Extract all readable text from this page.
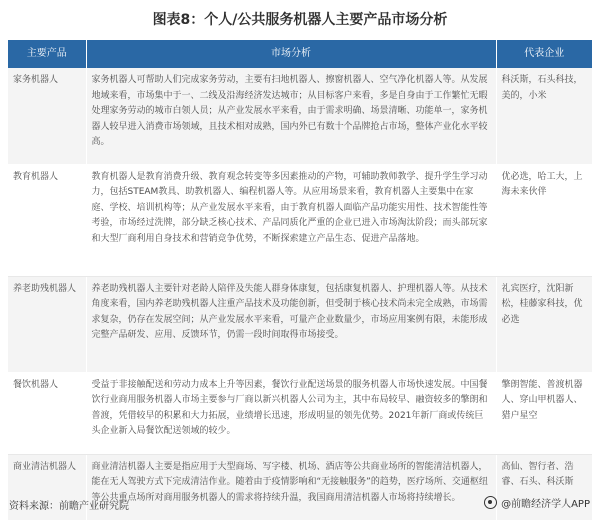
图表8：个人/公共服务机器人主要产品市场分析
主要产品	市场分析	代表企业
家务机器人	家务机器人可帮助人们完成家务劳动，主要有扫地机器人、擦窗机器人、空气净化机器人等。从发展地域来看，市场集中于一、二线及沿海经济发达城市；从目标客户来看，多是自身由于工作繁忙无暇处理家务劳动的城市白领人员；从产业发展水平来看，由于需求明确、场景清晰、功能单一，家务机器人较早进入消费市场领域，且技术相对成熟，国内外已有数十个品牌抢占市场，整体产业化水平较高。	科沃斯，石头科技，美的，小米
教育机器人	教育机器人是教育消费升级、教育观念转变等多因素推动的产物，可辅助教师教学、提升学生学习动力，包括STEAM教具、助教机器人、编程机器人等。从应用场景来看，教育机器人主要集中在家庭、学校、培训机构等；从产业发展水平来看，由于教育机器人面临产品功能实用性、技术智能性等考验，市场经过洗牌，部分缺乏核心技术、产品同质化严重的企业已进入市场淘汰阶段；而头部玩家和大型厂商利用自身技术和营销竞争优势，不断探索建立产品生态、促进产品落地。	优必选，哈工大，上海未来伙伴
养老助残机器人	养老助残机器人主要针对老龄人陪伴及失能人群身体康复，包括康复机器人、护理机器人等。从技术角度来看，国内养老助残机器人注重产品技术及功能创新，但受制于核心技术尚未完全成熟，市场需求复杂，仍存在发展空间；从产业发展水平来看，可量产企业数量少，市场应用案例有限，未能形成完整产品研发、应用、反馈环节，仍需一段时间取得市场接受。	礼宾医疗，沈阳新松，桂藤家科技，优必选
餐饮机器人	受益于非接触配送和劳动力成本上升等因素，餐饮行业配送场景的服务机器人市场快速发展。中国餐饮行业商用服务机器人市场主要参与厂商以新兴机器人公司为主，其中布局较早、融资较多的擎朗和普渡，凭借较早的积累和大力拓展，业绩增长迅速，形成明显的领先优势。2021年新厂商或传统巨头企业新入局餐饮配送领域的较少。	擎朗智能、普渡机器人、穿山甲机器人、猎户星空
商业清洁机器人	商业清洁机器人主要是指应用于大型商场、写字楼、机场、酒店等公共商业场所的智能清洁机器人，能在无人驾驶方式下完成清洁作业。随着由于疫情影响和“无接触服务”的趋势，医疗场所、交通枢纽等公共重点场所对商用服务机器人的需求将持续升温，我国商用清洁机器人市场将持续增长。	高仙、智行者、浩睿、石头、科沃斯
资料来源：前瞻产业研究院	@前瞻经济学人APP
